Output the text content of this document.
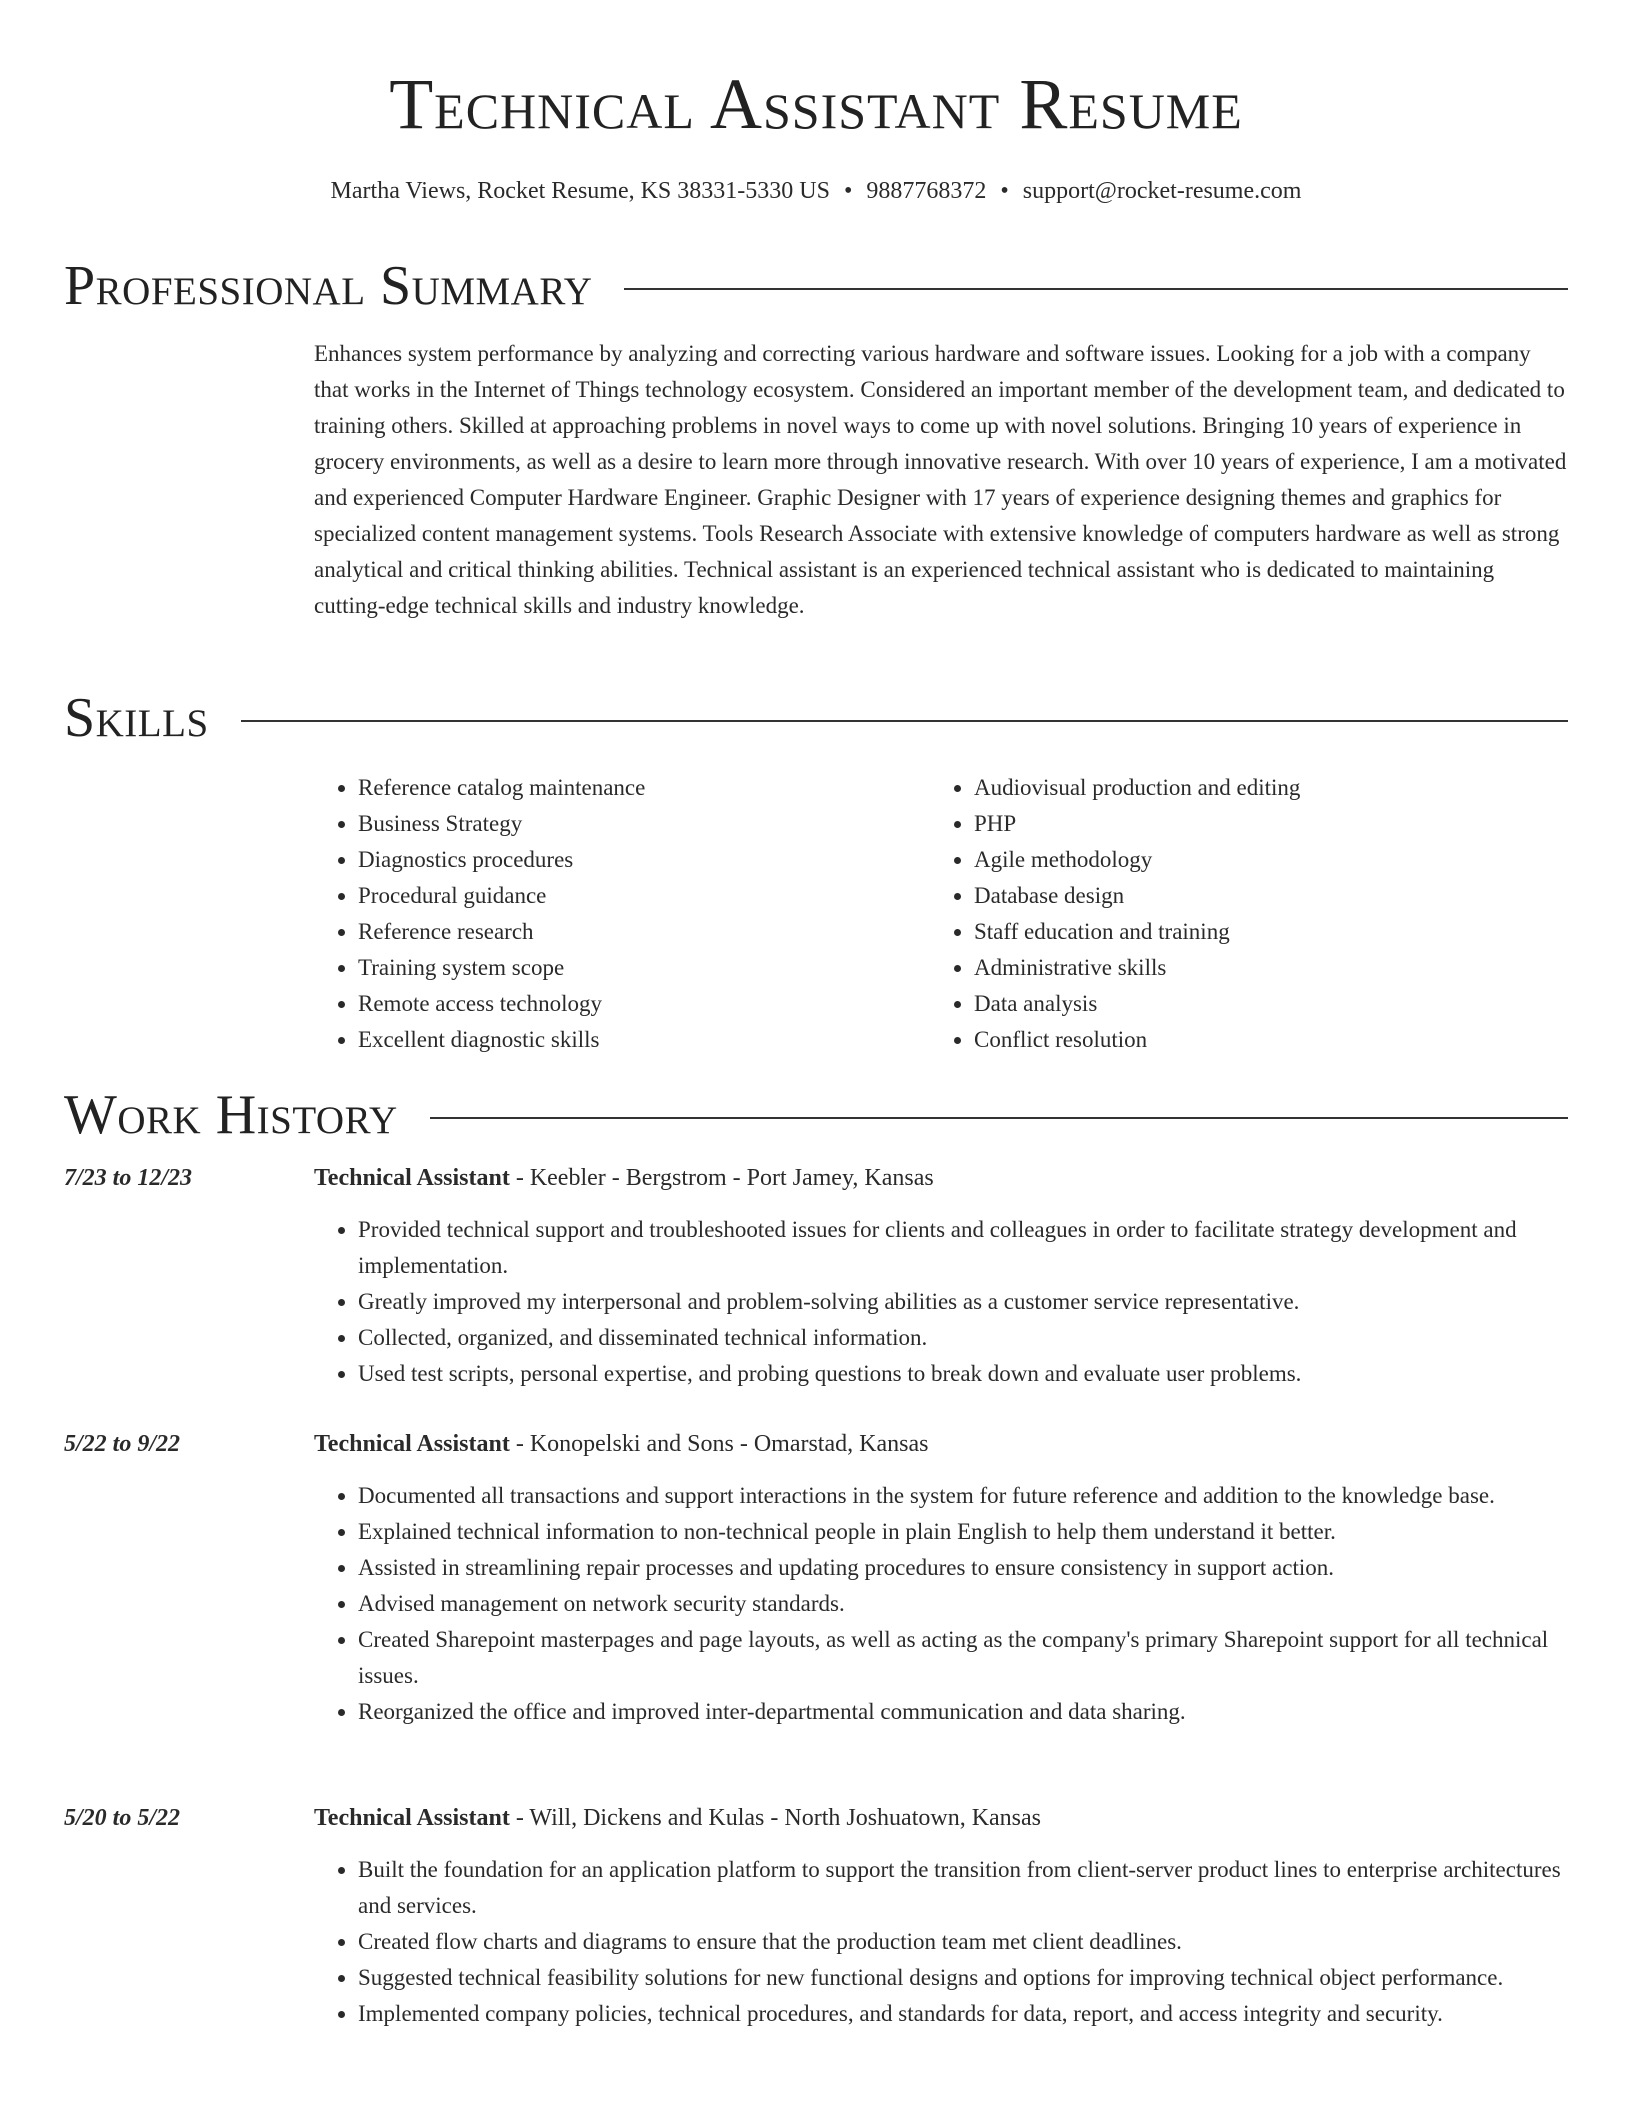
Technical Assistant Resume
Martha Views, Rocket Resume, KS 38331-5330 US • 9887768372 • support@rocket-resume.com
Professional Summary

Enhances system performance by analyzing and correcting various hardware and software issues. Looking for a job with a company that works in the Internet of Things technology ecosystem. Considered an important member of the development team, and dedicated to training others. Skilled at approaching problems in novel ways to come up with novel solutions. Bringing 10 years of experience in grocery environments, as well as a desire to learn more through innovative research. With over 10 years of experience, I am a motivated and experienced Computer Hardware Engineer. Graphic Designer with 17 years of experience designing themes and graphics for specialized content management systems. Tools Research Associate with extensive knowledge of computers hardware as well as strong analytical and critical thinking abilities. Technical assistant is an experienced technical assistant who is dedicated to maintaining cutting-edge technical skills and industry knowledge.

Skills
• Reference catalog maintenance
• Business Strategy
• Diagnostics procedures
• Procedural guidance
• Reference research
• Training system scope
• Remote access technology
• Excellent diagnostic skills
• Audiovisual production and editing
• PHP
• Agile methodology
• Database design
• Staff education and training
• Administrative skills
• Data analysis
• Conflict resolution
Work History
7/23 to 12/23	Technical Assistant - Keebler - Bergstrom - Port Jamey, Kansas
• Provided technical support and troubleshooted issues for clients and colleagues in order to facilitate strategy development and implementation.
• Greatly improved my interpersonal and problem-solving abilities as a customer service representative.
• Collected, organized, and disseminated technical information.
• Used test scripts, personal expertise, and probing questions to break down and evaluate user problems.
5/22 to 9/22	Technical Assistant - Konopelski and Sons - Omarstad, Kansas
• Documented all transactions and support interactions in the system for future reference and addition to the knowledge base.
• Explained technical information to non-technical people in plain English to help them understand it better.
• Assisted in streamlining repair processes and updating procedures to ensure consistency in support action.
• Advised management on network security standards.
• Created Sharepoint masterpages and page layouts, as well as acting as the company's primary Sharepoint support for all technical issues.
• Reorganized the office and improved inter-departmental communication and data sharing.
5/20 to 5/22	Technical Assistant - Will, Dickens and Kulas - North Joshuatown, Kansas
• Built the foundation for an application platform to support the transition from client-server product lines to enterprise architectures and services.
• Created flow charts and diagrams to ensure that the production team met client deadlines.
• Suggested technical feasibility solutions for new functional designs and options for improving technical object performance.
• Implemented company policies, technical procedures, and standards for data, report, and access integrity and security.
